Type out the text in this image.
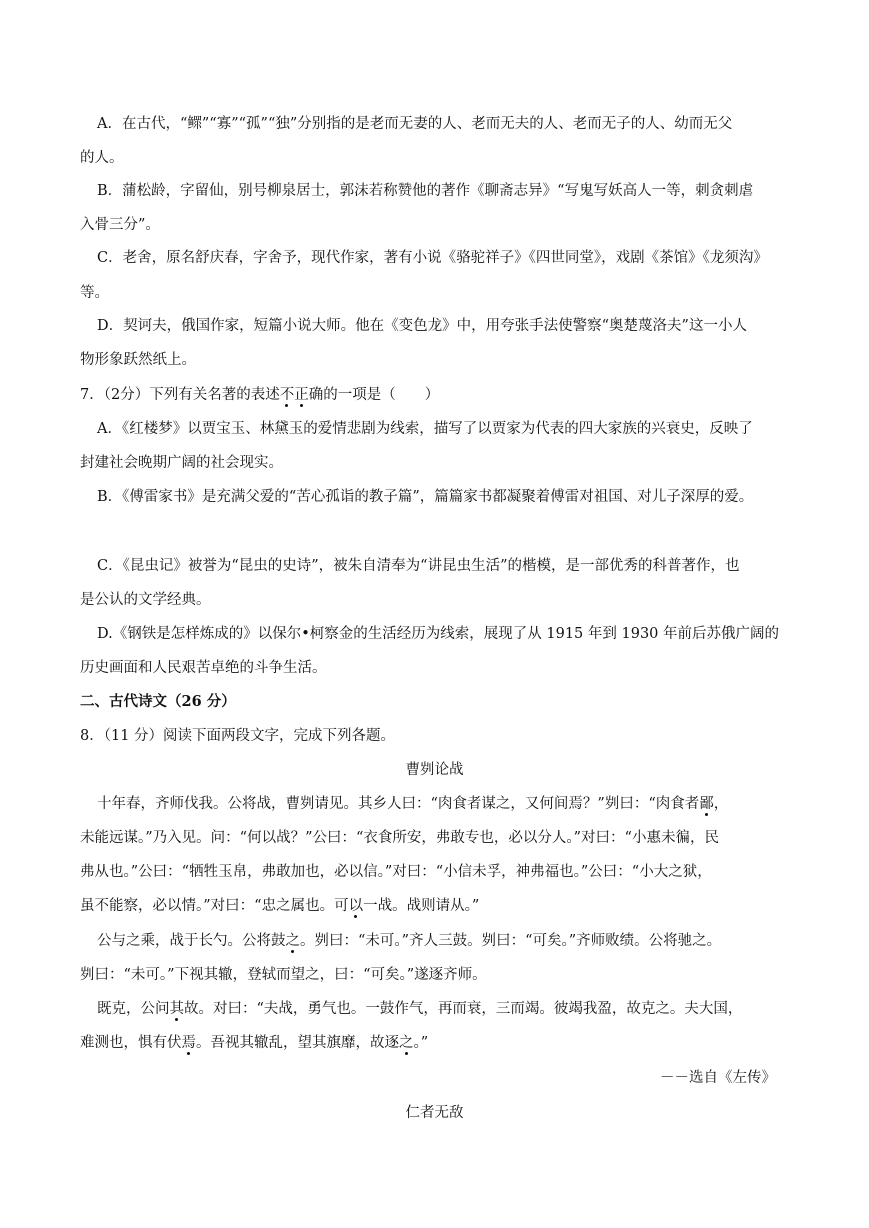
A．在古代，“鳏”“寡”“孤”“独”分别指的是老而无妻的人、老而无夫的人、老而无子的人、幼而无父
的人。
B．蒲松龄，字留仙，别号柳泉居士，郭沫若称赞他的著作《聊斋志异》“写鬼写妖高人一等，刺贪刺虐
入骨三分”。
C．老舍，原名舒庆春，字舍予，现代作家，著有小说《骆驼祥子》《四世同堂》，戏剧《茶馆》《龙须沟》
等。
D．契诃夫，俄国作家，短篇小说大师。他在《变色龙》中，用夸张手法使警察“奥楚蔑洛夫”这一小人
物形象跃然纸上。
7．（2分）下列有关名著的表述不正确的一项是（　　）
A．《红楼梦》以贾宝玉、林黛玉的爱情悲剧为线索，描写了以贾家为代表的四大家族的兴衰史，反映了
封建社会晚期广阔的社会现实。
B．《傅雷家书》是充满父爱的“苦心孤诣的教子篇”，篇篇家书都凝聚着傅雷对祖国、对儿子深厚的爱。
C．《昆虫记》被誉为“昆虫的史诗”，被朱自清奉为“讲昆虫生活”的楷模，是一部优秀的科普著作，也
是公认的文学经典。
D.《钢铁是怎样炼成的》以保尔•柯察金的生活经历为线索，展现了从 1915 年到 1930 年前后苏俄广阔的
历史画面和人民艰苦卓绝的斗争生活。
二、古代诗文（26 分）
8．（11 分）阅读下面两段文字，完成下列各题。
曹刿论战
十年春，齐师伐我。公将战，曹刿请见。其乡人曰：“肉食者谋之，又何间焉？”刿曰：“肉食者鄙，
未能远谋。”乃入见。问：“何以战？”公曰：“衣食所安，弗敢专也，必以分人。”对曰：“小惠未徧，民
弗从也。”公曰：“牺牲玉帛，弗敢加也，必以信。”对曰：“小信未孚，神弗福也。”公曰：“小大之狱，
虽不能察，必以情。”对曰：“忠之属也。可以一战。战则请从。”
公与之乘，战于长勺。公将鼓之。刿曰：“未可。”齐人三鼓。刿曰：“可矣。”齐师败绩。公将驰之。
刿曰：“未可。”下视其辙，登轼而望之，曰：“可矣。”遂逐齐师。
既克，公问其故。对曰：“夫战，勇气也。一鼓作气，再而衰，三而竭。彼竭我盈，故克之。夫大国，
难测也，惧有伏焉。吾视其辙乱，望其旗靡，故逐之。”
－－选自《左传》
仁者无敌
